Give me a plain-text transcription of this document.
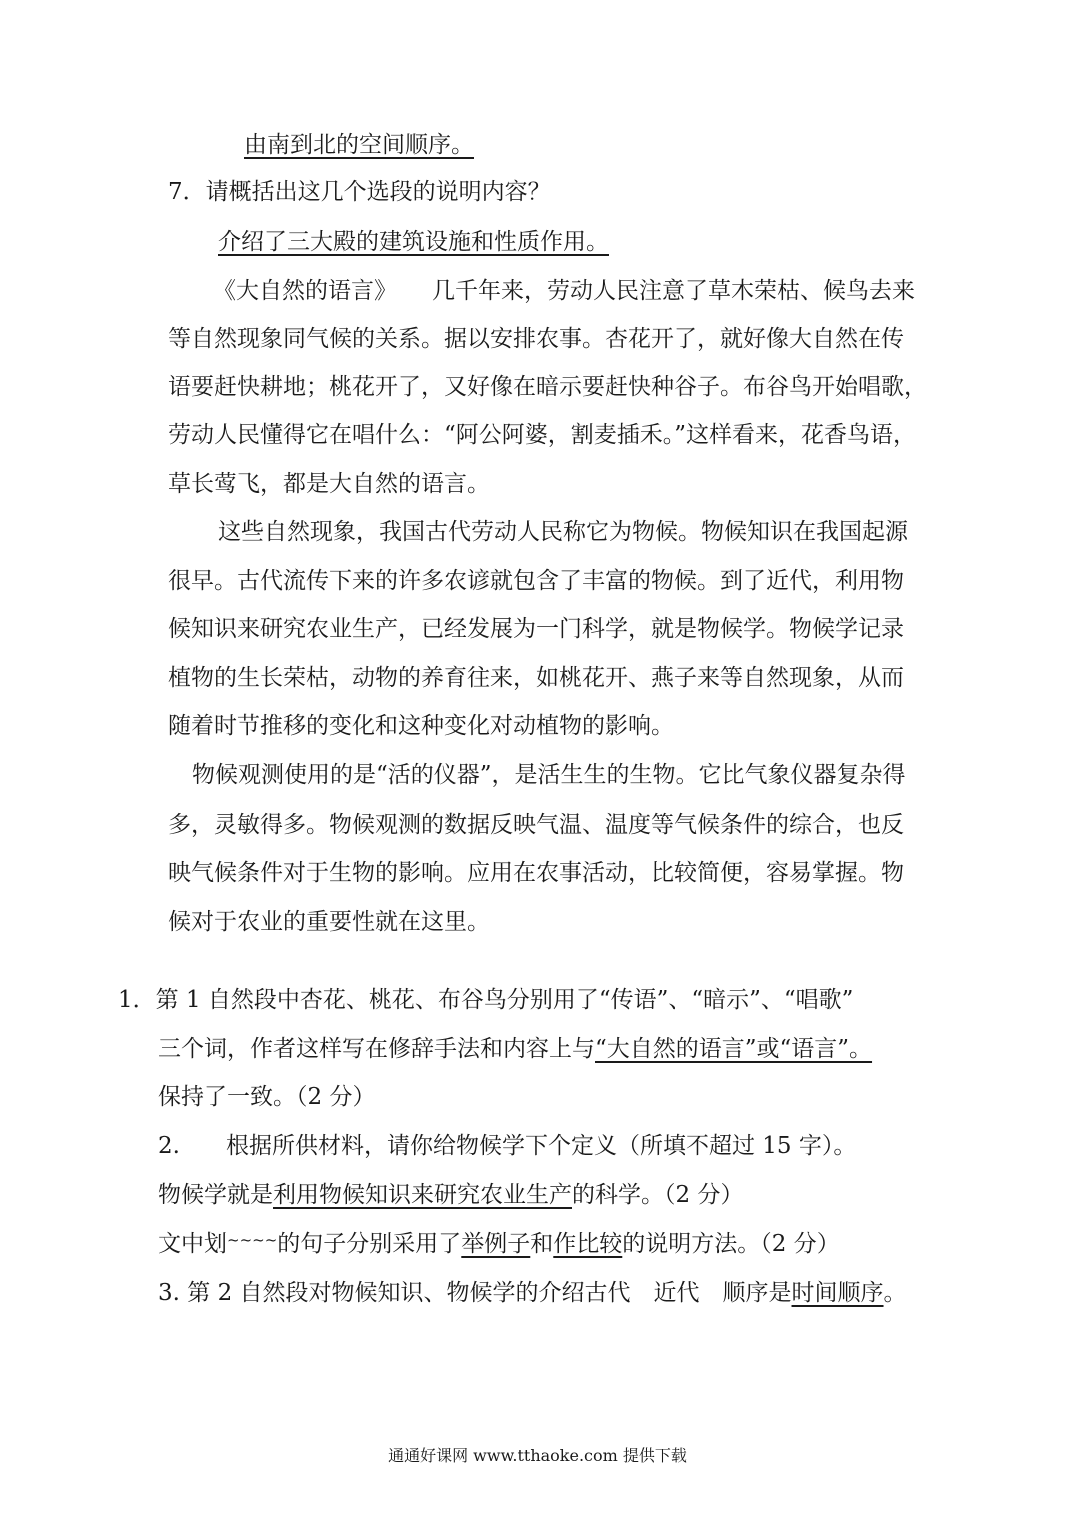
由南到北的空间顺序。
7．请概括出这几个选段的说明内容？
介绍了三大殿的建筑设施和性质作用。
《大自然的语言》 几千年来，劳动人民注意了草木荣枯、候鸟去来
等自然现象同气候的关系。据以安排农事。杏花开了，就好像大自然在传
语要赶快耕地；桃花开了，又好像在暗示要赶快种谷子。布谷鸟开始唱歌，
劳动人民懂得它在唱什么：“阿公阿婆，割麦插禾。”这样看来，花香鸟语，
草长莺飞，都是大自然的语言。
这些自然现象，我国古代劳动人民称它为物候。物候知识在我国起源
很早。古代流传下来的许多农谚就包含了丰富的物候。到了近代，利用物
候知识来研究农业生产，已经发展为一门科学，就是物候学。物候学记录
植物的生长荣枯，动物的养育往来，如桃花开、燕子来等自然现象，从而
随着时节推移的变化和这种变化对动植物的影响。
物候观测使用的是“活的仪器”，是活生生的生物。它比气象仪器复杂得
多，灵敏得多。物候观测的数据反映气温、温度等气候条件的综合，也反
映气候条件对于生物的影响。应用在农事活动，比较简便，容易掌握。物
候对于农业的重要性就在这里。
1．第 1 自然段中杏花、桃花、布谷鸟分别用了“传语”、“暗示”、“唱歌”
三个词，作者这样写在修辞手法和内容上与“大自然的语言”或“语言”。
保持了一致。（2 分）
2.　　根据所供材料，请你给物候学下个定义（所填不超过 15 字）。
物候学就是利用物候知识来研究农业生产的科学。（2 分）
文中划~~~~的句子分别采用了举例子和作比较的说明方法。（2 分）
3. 第 2 自然段对物候知识、物候学的介绍古代　近代　顺序是时间顺序。
通通好课网 www.tthaoke.com 提供下载
